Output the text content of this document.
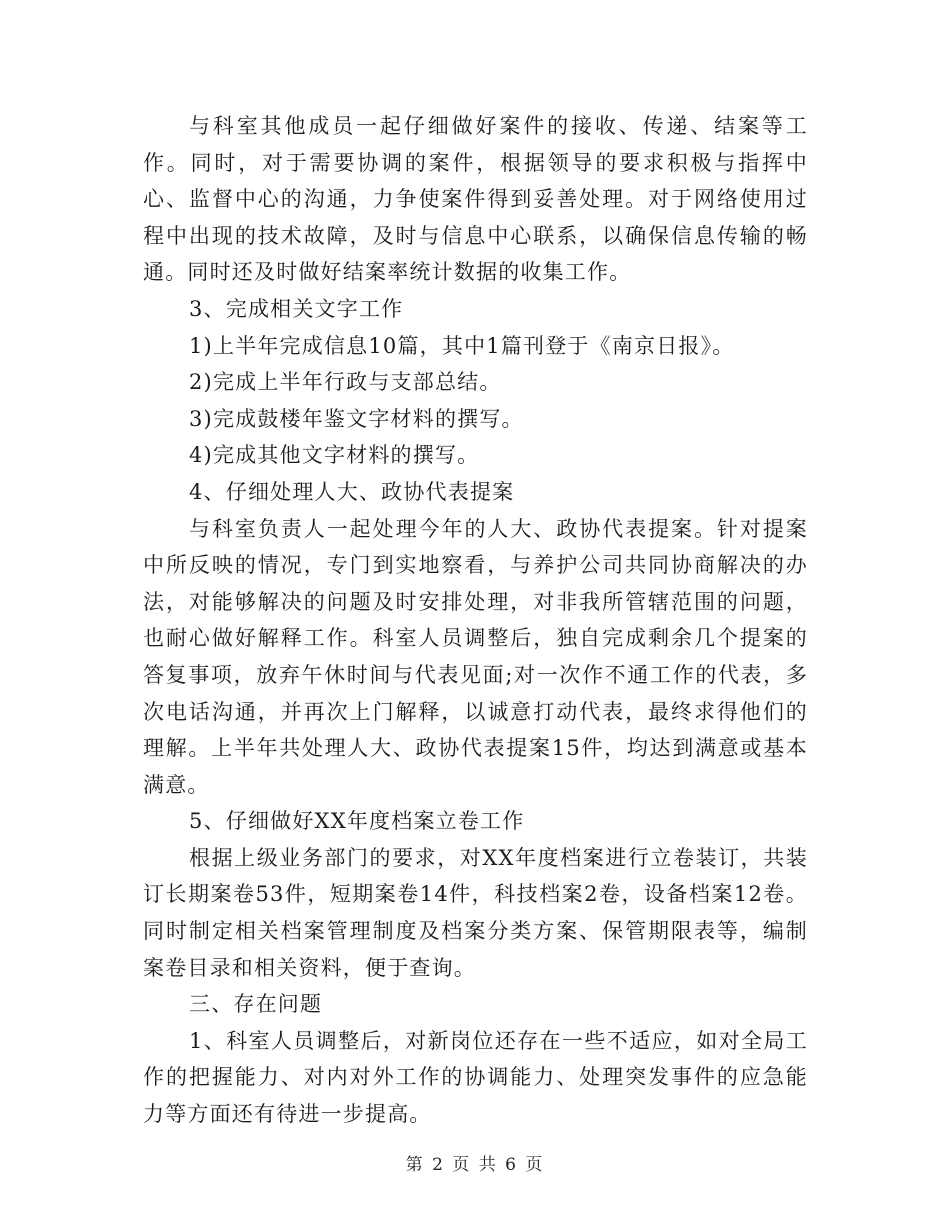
与科室其他成员一起仔细做好案件的接收、传递、结案等工作。同时，对于需要协调的案件，根据领导的要求积极与指挥中心、监督中心的沟通，力争使案件得到妥善处理。对于网络使用过程中出现的技术故障，及时与信息中心联系，以确保信息传输的畅通。同时还及时做好结案率统计数据的收集工作。

3、完成相关文字工作

1)上半年完成信息10篇，其中1篇刊登于《南京日报》。

2)完成上半年行政与支部总结。

3)完成鼓楼年鉴文字材料的撰写。

4)完成其他文字材料的撰写。

4、仔细处理人大、政协代表提案

与科室负责人一起处理今年的人大、政协代表提案。针对提案中所反映的情况，专门到实地察看，与养护公司共同协商解决的办法，对能够解决的问题及时安排处理，对非我所管辖范围的问题，也耐心做好解释工作。科室人员调整后，独自完成剩余几个提案的答复事项，放弃午休时间与代表见面;对一次作不通工作的代表，多次电话沟通，并再次上门解释，以诚意打动代表，最终求得他们的理解。上半年共处理人大、政协代表提案15件，均达到满意或基本满意。

5、仔细做好XX年度档案立卷工作

根据上级业务部门的要求，对XX年度档案进行立卷装订，共装订长期案卷53件，短期案卷14件，科技档案2卷，设备档案12卷。同时制定相关档案管理制度及档案分类方案、保管期限表等，编制案卷目录和相关资料，便于查询。

三、存在问题

1、科室人员调整后，对新岗位还存在一些不适应，如对全局工作的把握能力、对内对外工作的协调能力、处理突发事件的应急能力等方面还有待进一步提高。

第 2 页 共 6 页
